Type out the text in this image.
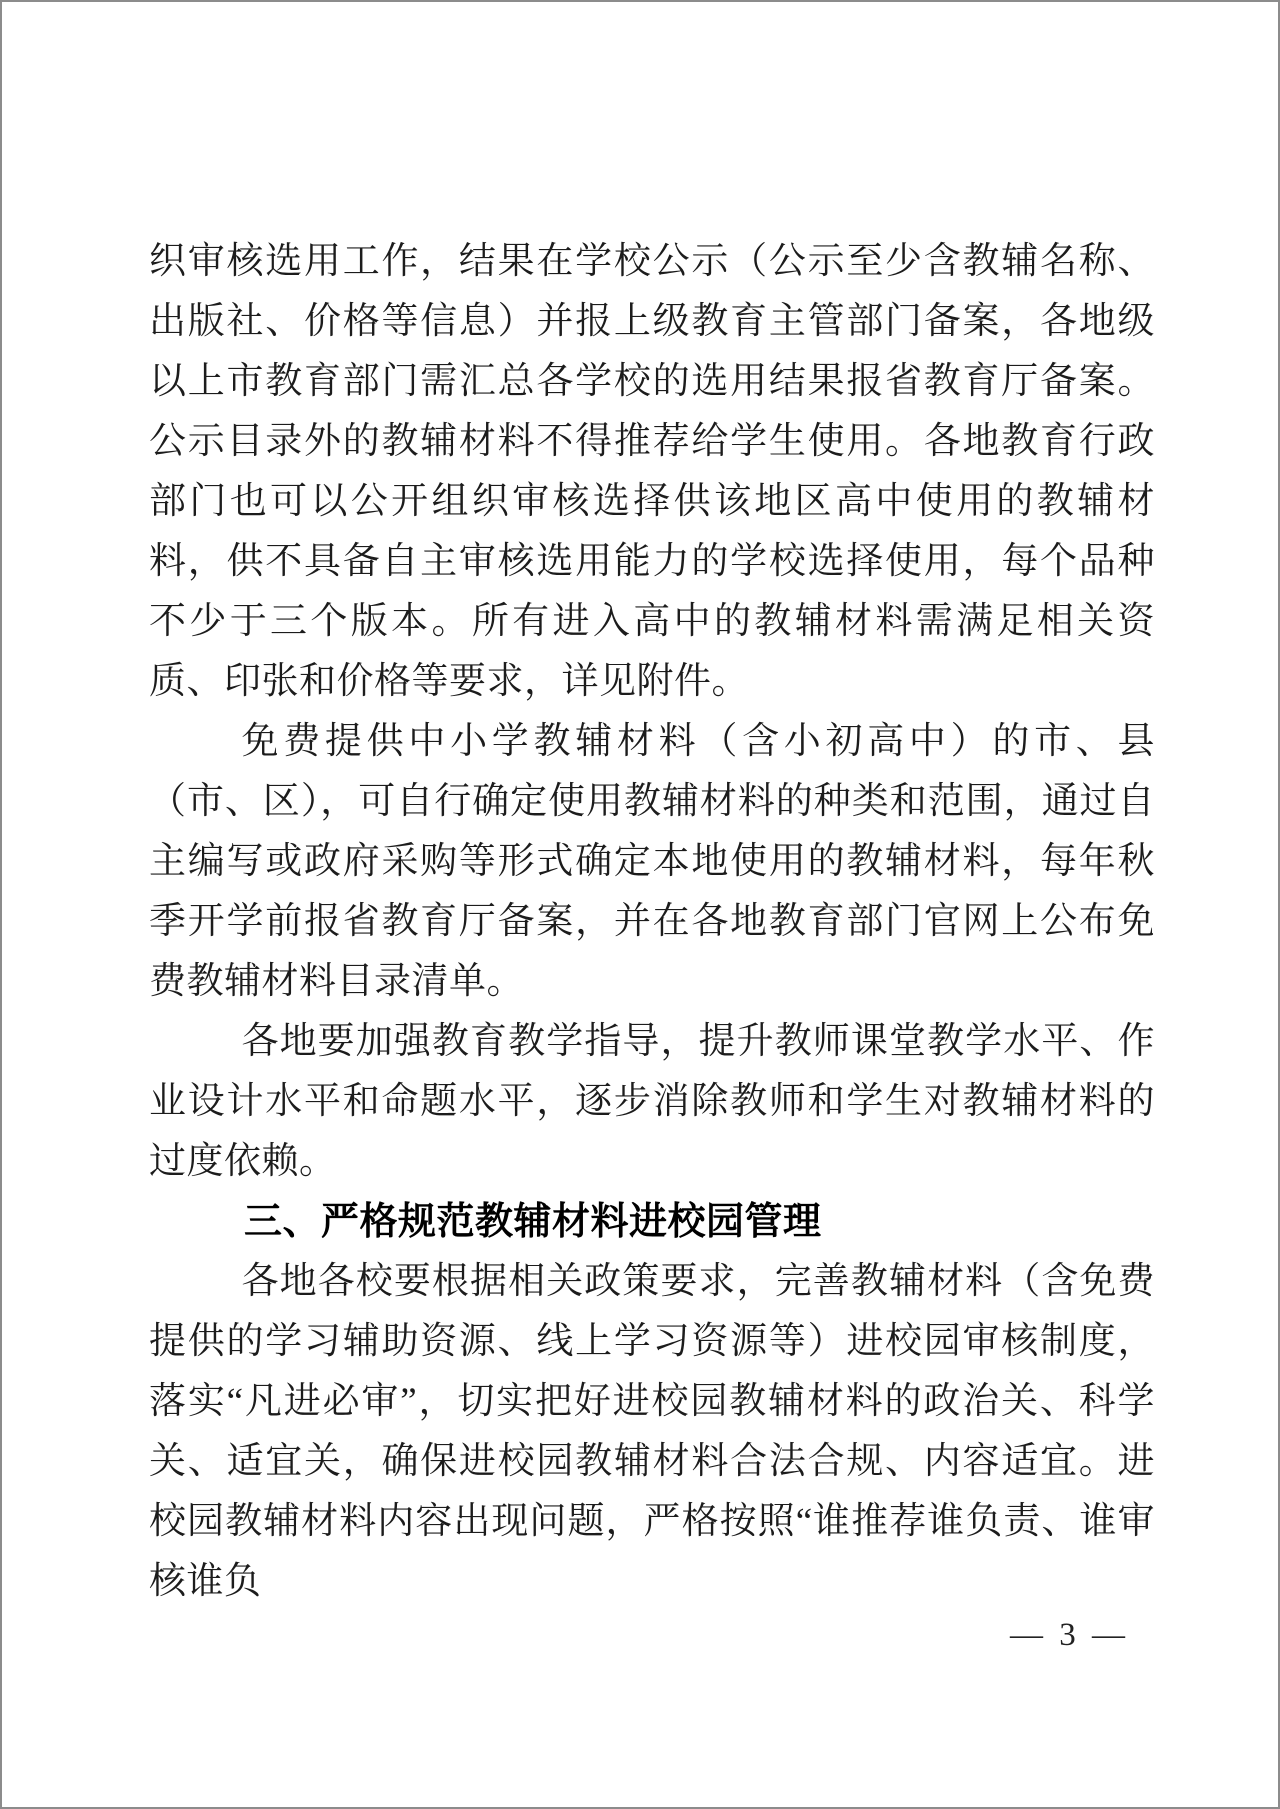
织审核选用工作，结果在学校公示（公示至少含教辅名称、出版社、价格等信息）并报上级教育主管部门备案，各地级以上市教育部门需汇总各学校的选用结果报省教育厅备案。公示目录外的教辅材料不得推荐给学生使用。各地教育行政部门也可以公开组织审核选择供该地区高中使用的教辅材料，供不具备自主审核选用能力的学校选择使用，每个品种不少于三个版本。所有进入高中的教辅材料需满足相关资质、印张和价格等要求，详见附件。

免费提供中小学教辅材料（含小初高中）的市、县（市、区），可自行确定使用教辅材料的种类和范围，通过自主编写或政府采购等形式确定本地使用的教辅材料，每年秋季开学前报省教育厅备案，并在各地教育部门官网上公布免费教辅材料目录清单。

各地要加强教育教学指导，提升教师课堂教学水平、作业设计水平和命题水平，逐步消除教师和学生对教辅材料的过度依赖。

三、严格规范教辅材料进校园管理

各地各校要根据相关政策要求，完善教辅材料（含免费提供的学习辅助资源、线上学习资源等）进校园审核制度，落实“凡进必审”，切实把好进校园教辅材料的政治关、科学关、适宜关，确保进校园教辅材料合法合规、内容适宜。进校园教辅材料内容出现问题，严格按照“谁推荐谁负责、谁审核谁负

— 3 —
